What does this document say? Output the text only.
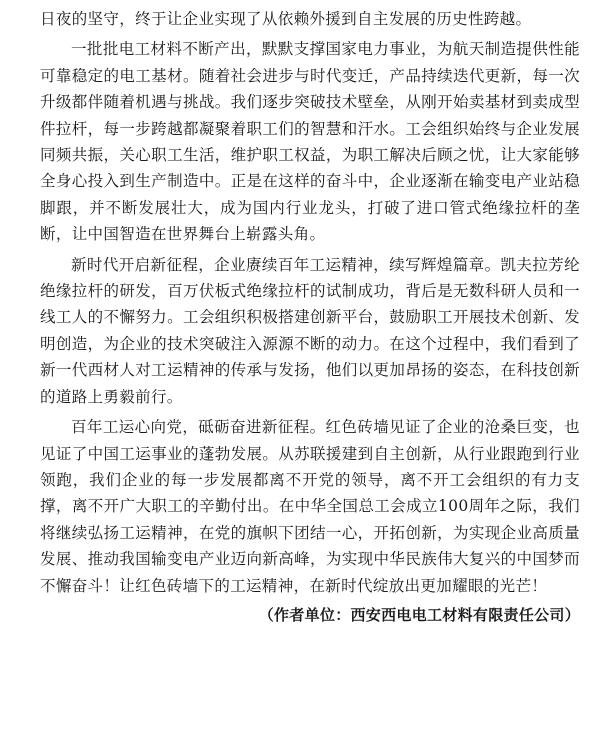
日夜的坚守，终于让企业实现了从依赖外援到自主发展的历史性跨越。

一批批电工材料不断产出，默默支撑国家电力事业，为航天制造提供性能可靠稳定的电工基材。随着社会进步与时代变迁，产品持续迭代更新，每一次升级都伴随着机遇与挑战。我们逐步突破技术壁垒，从刚开始卖基材到卖成型件拉杆，每一步跨越都凝聚着职工们的智慧和汗水。工会组织始终与企业发展同频共振，关心职工生活，维护职工权益，为职工解决后顾之忧，让大家能够全身心投入到生产制造中。正是在这样的奋斗中，企业逐渐在输变电产业站稳脚跟，并不断发展壮大，成为国内行业龙头，打破了进口管式绝缘拉杆的垄断，让中国智造在世界舞台上崭露头角。

新时代开启新征程，企业赓续百年工运精神，续写辉煌篇章。凯夫拉芳纶绝缘拉杆的研发，百万伏板式绝缘拉杆的试制成功，背后是无数科研人员和一线工人的不懈努力。工会组织积极搭建创新平台，鼓励职工开展技术创新、发明创造，为企业的技术突破注入源源不断的动力。在这个过程中，我们看到了新一代西材人对工运精神的传承与发扬，他们以更加昂扬的姿态，在科技创新的道路上勇毅前行。

百年工运心向党，砥砺奋进新征程。红色砖墙见证了企业的沧桑巨变，也见证了中国工运事业的蓬勃发展。从苏联援建到自主创新，从行业跟跑到行业领跑，我们企业的每一步发展都离不开党的领导，离不开工会组织的有力支撑，离不开广大职工的辛勤付出。在中华全国总工会成立100周年之际，我们将继续弘扬工运精神，在党的旗帜下团结一心，开拓创新，为实现企业高质量发展、推动我国输变电产业迈向新高峰，为实现中华民族伟大复兴的中国梦而不懈奋斗！让红色砖墙下的工运精神，在新时代绽放出更加耀眼的光芒！

（作者单位：西安西电电工材料有限责任公司）
